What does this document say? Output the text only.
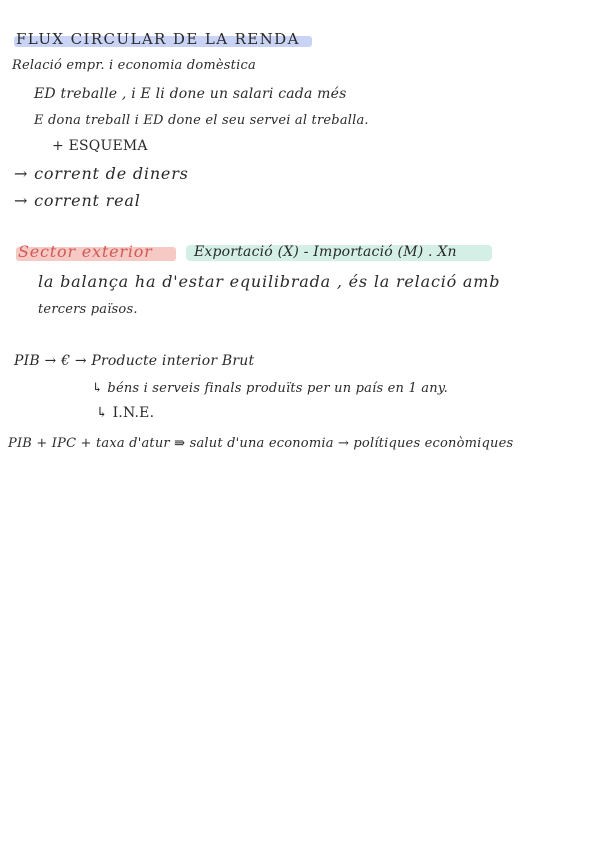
FLUX CIRCULAR DE LA RENDA
Relació empr. i economia domèstica
ED treballe , i E li done un salari cada més
E dona treball i ED done el seu servei al treballa.
+ ESQUEMA
→ corrent de diners
→ corrent real
Sector exterior	Exportació (X) - Importació (M) . Xn
la balança ha d'estar equilibrada , és la relació amb
tercers països.
PIB → € → Producte interior Brut
↳ béns i serveis finals produïts per un país en 1 any.
↳ I.N.E.
PIB + IPC + taxa d'atur ⇛ salut d'una economia → polítiques econòmiques
